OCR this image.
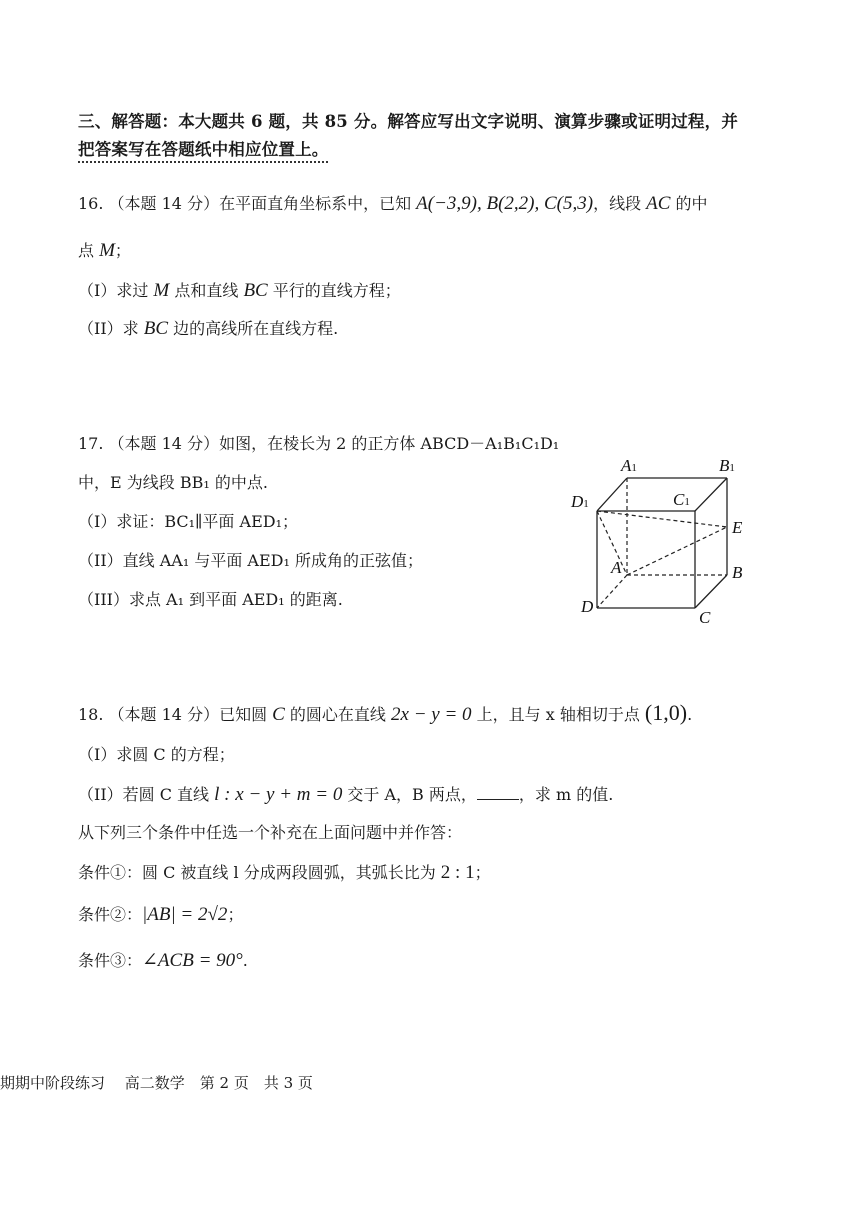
三、解答题：本大题共 6 题，共 85 分。解答应写出文字说明、演算步骤或证明过程，并
把答案写在答题纸中相应位置上。
16. （本题 14 分）在平面直角坐标系中，已知 A(−3,9), B(2,2), C(5,3)，线段 AC 的中
点 M；
（I）求过 M 点和直线 BC 平行的直线方程；
（II）求 BC 边的高线所在直线方程.
17. （本题 14 分）如图，在棱长为 2 的正方体 ABCD－A₁B₁C₁D₁
中，E 为线段 BB₁ 的中点.
（I）求证：BC₁∥平面 AED₁；
（II）直线 AA₁ 与平面 AED₁ 所成角的正弦值；
（III）求点 A₁ 到平面 AED₁ 的距离.
A1	B1
C1
D1
A	B
C
D
E
18. （本题 14 分）已知圆 C 的圆心在直线 2x − y = 0 上，且与 x 轴相切于点 (1,0).
（I）求圆 C 的方程；
（II）若圆 C 直线 l : x − y + m = 0 交于 A，B 两点，	，求 m 的值.
从下列三个条件中任选一个补充在上面问题中并作答：
条件①：圆 C 被直线 l 分成两段圆弧，其弧长比为 2 : 1；
条件②：|AB| = 2√2；
条件③：∠ACB = 90°.
期期中阶段练习　 高二数学　第 2 页　共 3 页
